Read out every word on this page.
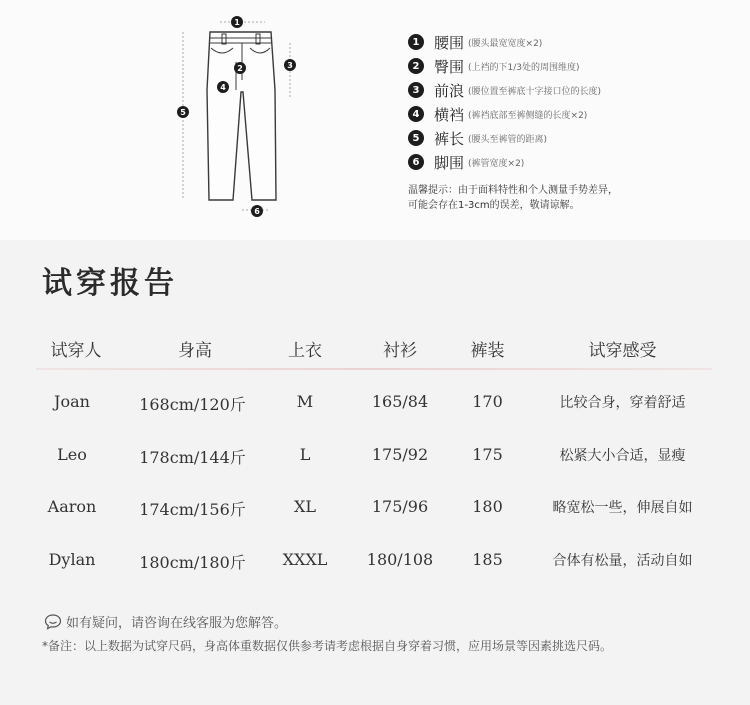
1
2	3
4
5
6
1 腰围 (腰头最宽宽度×2)
2 臀围 (上裆的下1/3处的周围维度)
3 前浪 (腰位置至裤底十字接口位的长度)
4 横裆 (裤裆底部至裤侧缝的长度×2)
5 裤长 (腰头至裤管的距离)
6 脚围 (裤管宽度×2)
温馨提示：由于面料特性和个人测量手势差异，
可能会存在1-3cm的误差，敬请谅解。
试穿报告
试穿人	身高	上衣	衬衫	裤装	试穿感受
Joan	168cm/120斤	M	165/84	170	比较合身，穿着舒适
Leo	178cm/144斤	L	175/92	175	松紧大小合适，显瘦
Aaron	174cm/156斤	XL	175/96	180	略宽松一些，伸展自如
Dylan	180cm/180斤	XXXL	180/108	185	合体有松量，活动自如
如有疑问，请咨询在线客服为您解答。
*备注：以上数据为试穿尺码，身高体重数据仅供参考请考虑根据自身穿着习惯，应用场景等因素挑选尺码。
